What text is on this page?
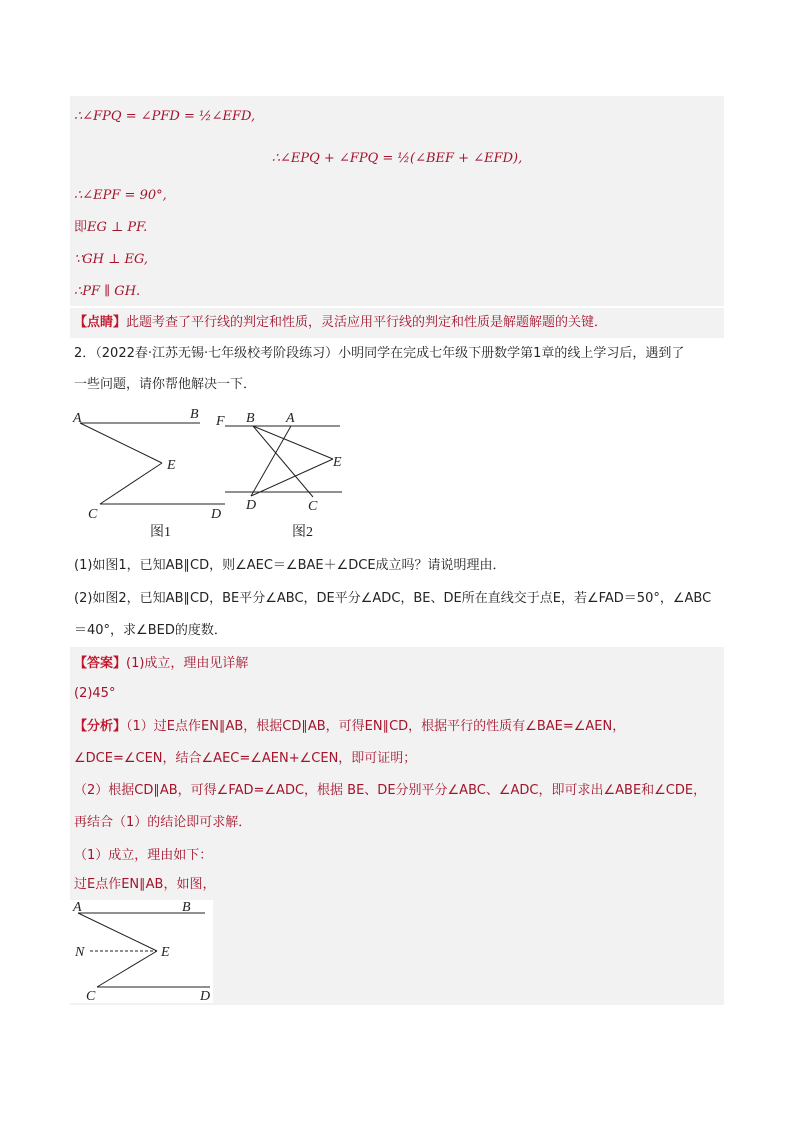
∴∠FPQ = ∠PFD = ½∠EFD,
∴∠EPQ + ∠FPQ = ½(∠BEF + ∠EFD),
∴∠EPF = 90°,
即EG ⊥ PF.
∵GH ⊥ EG,
∴PF ∥ GH.
【点睛】此题考查了平行线的判定和性质，灵活应用平行线的判定和性质是解题解题的关键．
2．（2022春·江苏无锡·七年级校考阶段练习）小明同学在完成七年级下册数学第1章的线上学习后，遇到了
一些问题，请你帮他解决一下．
A	B
E
C	D
图1
F B A
E
D	C
图2
(1)如图1，已知AB∥CD，则∠AEC＝∠BAE＋∠DCE成立吗？请说明理由．
(2)如图2，已知AB∥CD，BE平分∠ABC，DE平分∠ADC，BE、DE所在直线交于点E，若∠FAD＝50°，∠ABC
＝40°，求∠BED的度数．
【答案】(1)成立，理由见详解
(2)45°
【分析】（1）过E点作EN∥AB，根据CD∥AB，可得EN∥CD，根据平行的性质有∠BAE=∠AEN，
∠DCE=∠CEN，结合∠AEC=∠AEN+∠CEN，即可证明；
（2）根据CD∥AB，可得∠FAD=∠ADC，根据 BE、DE分别平分∠ABC、∠ADC，即可求出∠ABE和∠CDE，
再结合（1）的结论即可求解．
（1）成立，理由如下：
过E点作EN∥AB，如图，
A	B
N	E
C	D
